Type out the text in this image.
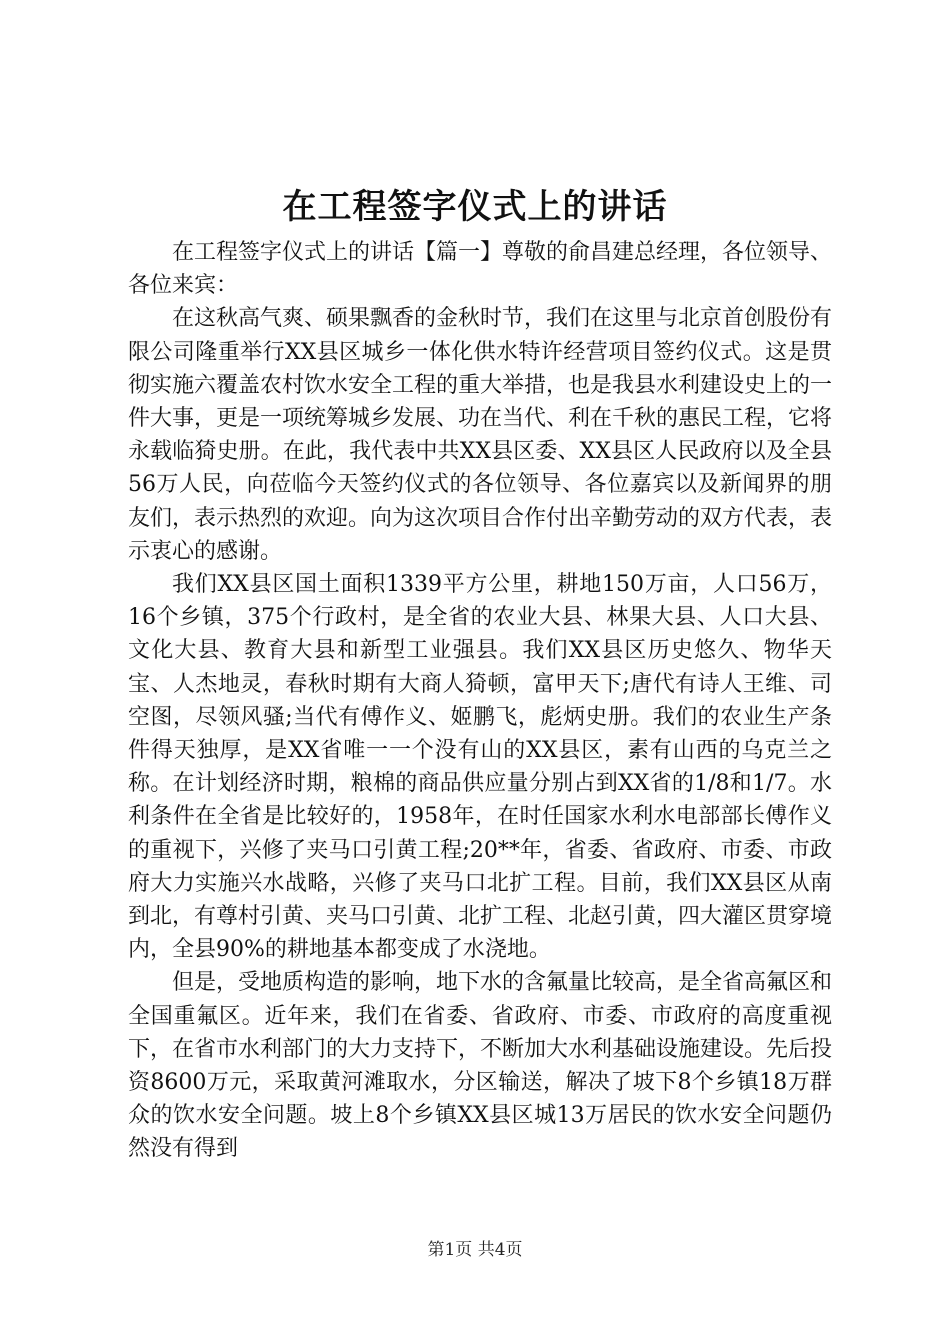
在工程签字仪式上的讲话

在工程签字仪式上的讲话【篇一】尊敬的俞昌建总经理，各位领导、各位来宾：

在这秋高气爽、硕果飘香的金秋时节，我们在这里与北京首创股份有限公司隆重举行XX县区城乡一体化供水特许经营项目签约仪式。这是贯彻实施六覆盖农村饮水安全工程的重大举措，也是我县水利建设史上的一件大事，更是一项统筹城乡发展、功在当代、利在千秋的惠民工程，它将永载临猗史册。在此，我代表中共XX县区委、XX县区人民政府以及全县56万人民，向莅临今天签约仪式的各位领导、各位嘉宾以及新闻界的朋友们，表示热烈的欢迎。向为这次项目合作付出辛勤劳动的双方代表，表示衷心的感谢。

我们XX县区国土面积1339平方公里，耕地150万亩，人口56万，16个乡镇，375个行政村，是全省的农业大县、林果大县、人口大县、文化大县、教育大县和新型工业强县。我们XX县区历史悠久、物华天宝、人杰地灵，春秋时期有大商人猗顿，富甲天下;唐代有诗人王维、司空图，尽领风骚;当代有傅作义、姬鹏飞，彪炳史册。我们的农业生产条件得天独厚，是XX省唯一一个没有山的XX县区，素有山西的乌克兰之称。在计划经济时期，粮棉的商品供应量分别占到XX省的1/8和1/7。水利条件在全省是比较好的，1958年，在时任国家水利水电部部长傅作义的重视下，兴修了夹马口引黄工程;20**年，省委、省政府、市委、市政府大力实施兴水战略，兴修了夹马口北扩工程。目前，我们XX县区从南到北，有尊村引黄、夹马口引黄、北扩工程、北赵引黄，四大灌区贯穿境内，全县90%的耕地基本都变成了水浇地。

但是，受地质构造的影响，地下水的含氟量比较高，是全省高氟区和全国重氟区。近年来，我们在省委、省政府、市委、市政府的高度重视下，在省市水利部门的大力支持下，不断加大水利基础设施建设。先后投资8600万元，采取黄河滩取水，分区输送，解决了坡下8个乡镇18万群众的饮水安全问题。坡上8个乡镇XX县区城13万居民的饮水安全问题仍然没有得到

第1页 共4页
